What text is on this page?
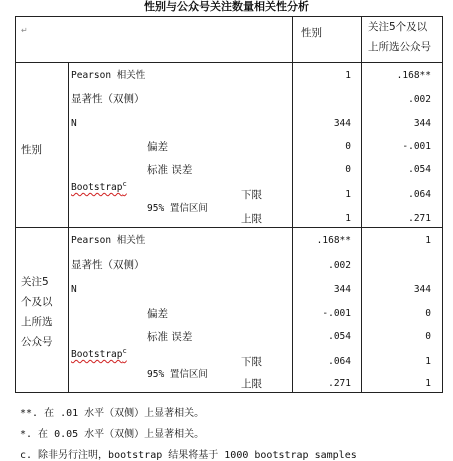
性别与公众号关注数量相关性分析
↵	性别	关注5个及以
上所选公众号
性别
Pearson 相关性
显著性（双侧）
N
Bootstrap$^c$
偏差
标准 误差
95% 置信区间
下限
上限
1
344
0
0
1
1
.168**
.002
344
-.001
.054
.064
.271
关注5
个及以
上所选
公众号
Pearson 相关性
显著性（双侧）
N
Bootstrap$^c$
偏差
标准 误差
95% 置信区间
下限
上限
.168**
.002
344
-.001
.054
.064
.271
1
344
0
0
1
1
**. 在 .01 水平（双侧）上显著相关。
*. 在 0.05 水平（双侧）上显著相关。
c. 除非另行注明，bootstrap 结果将基于 1000 bootstrap samples
